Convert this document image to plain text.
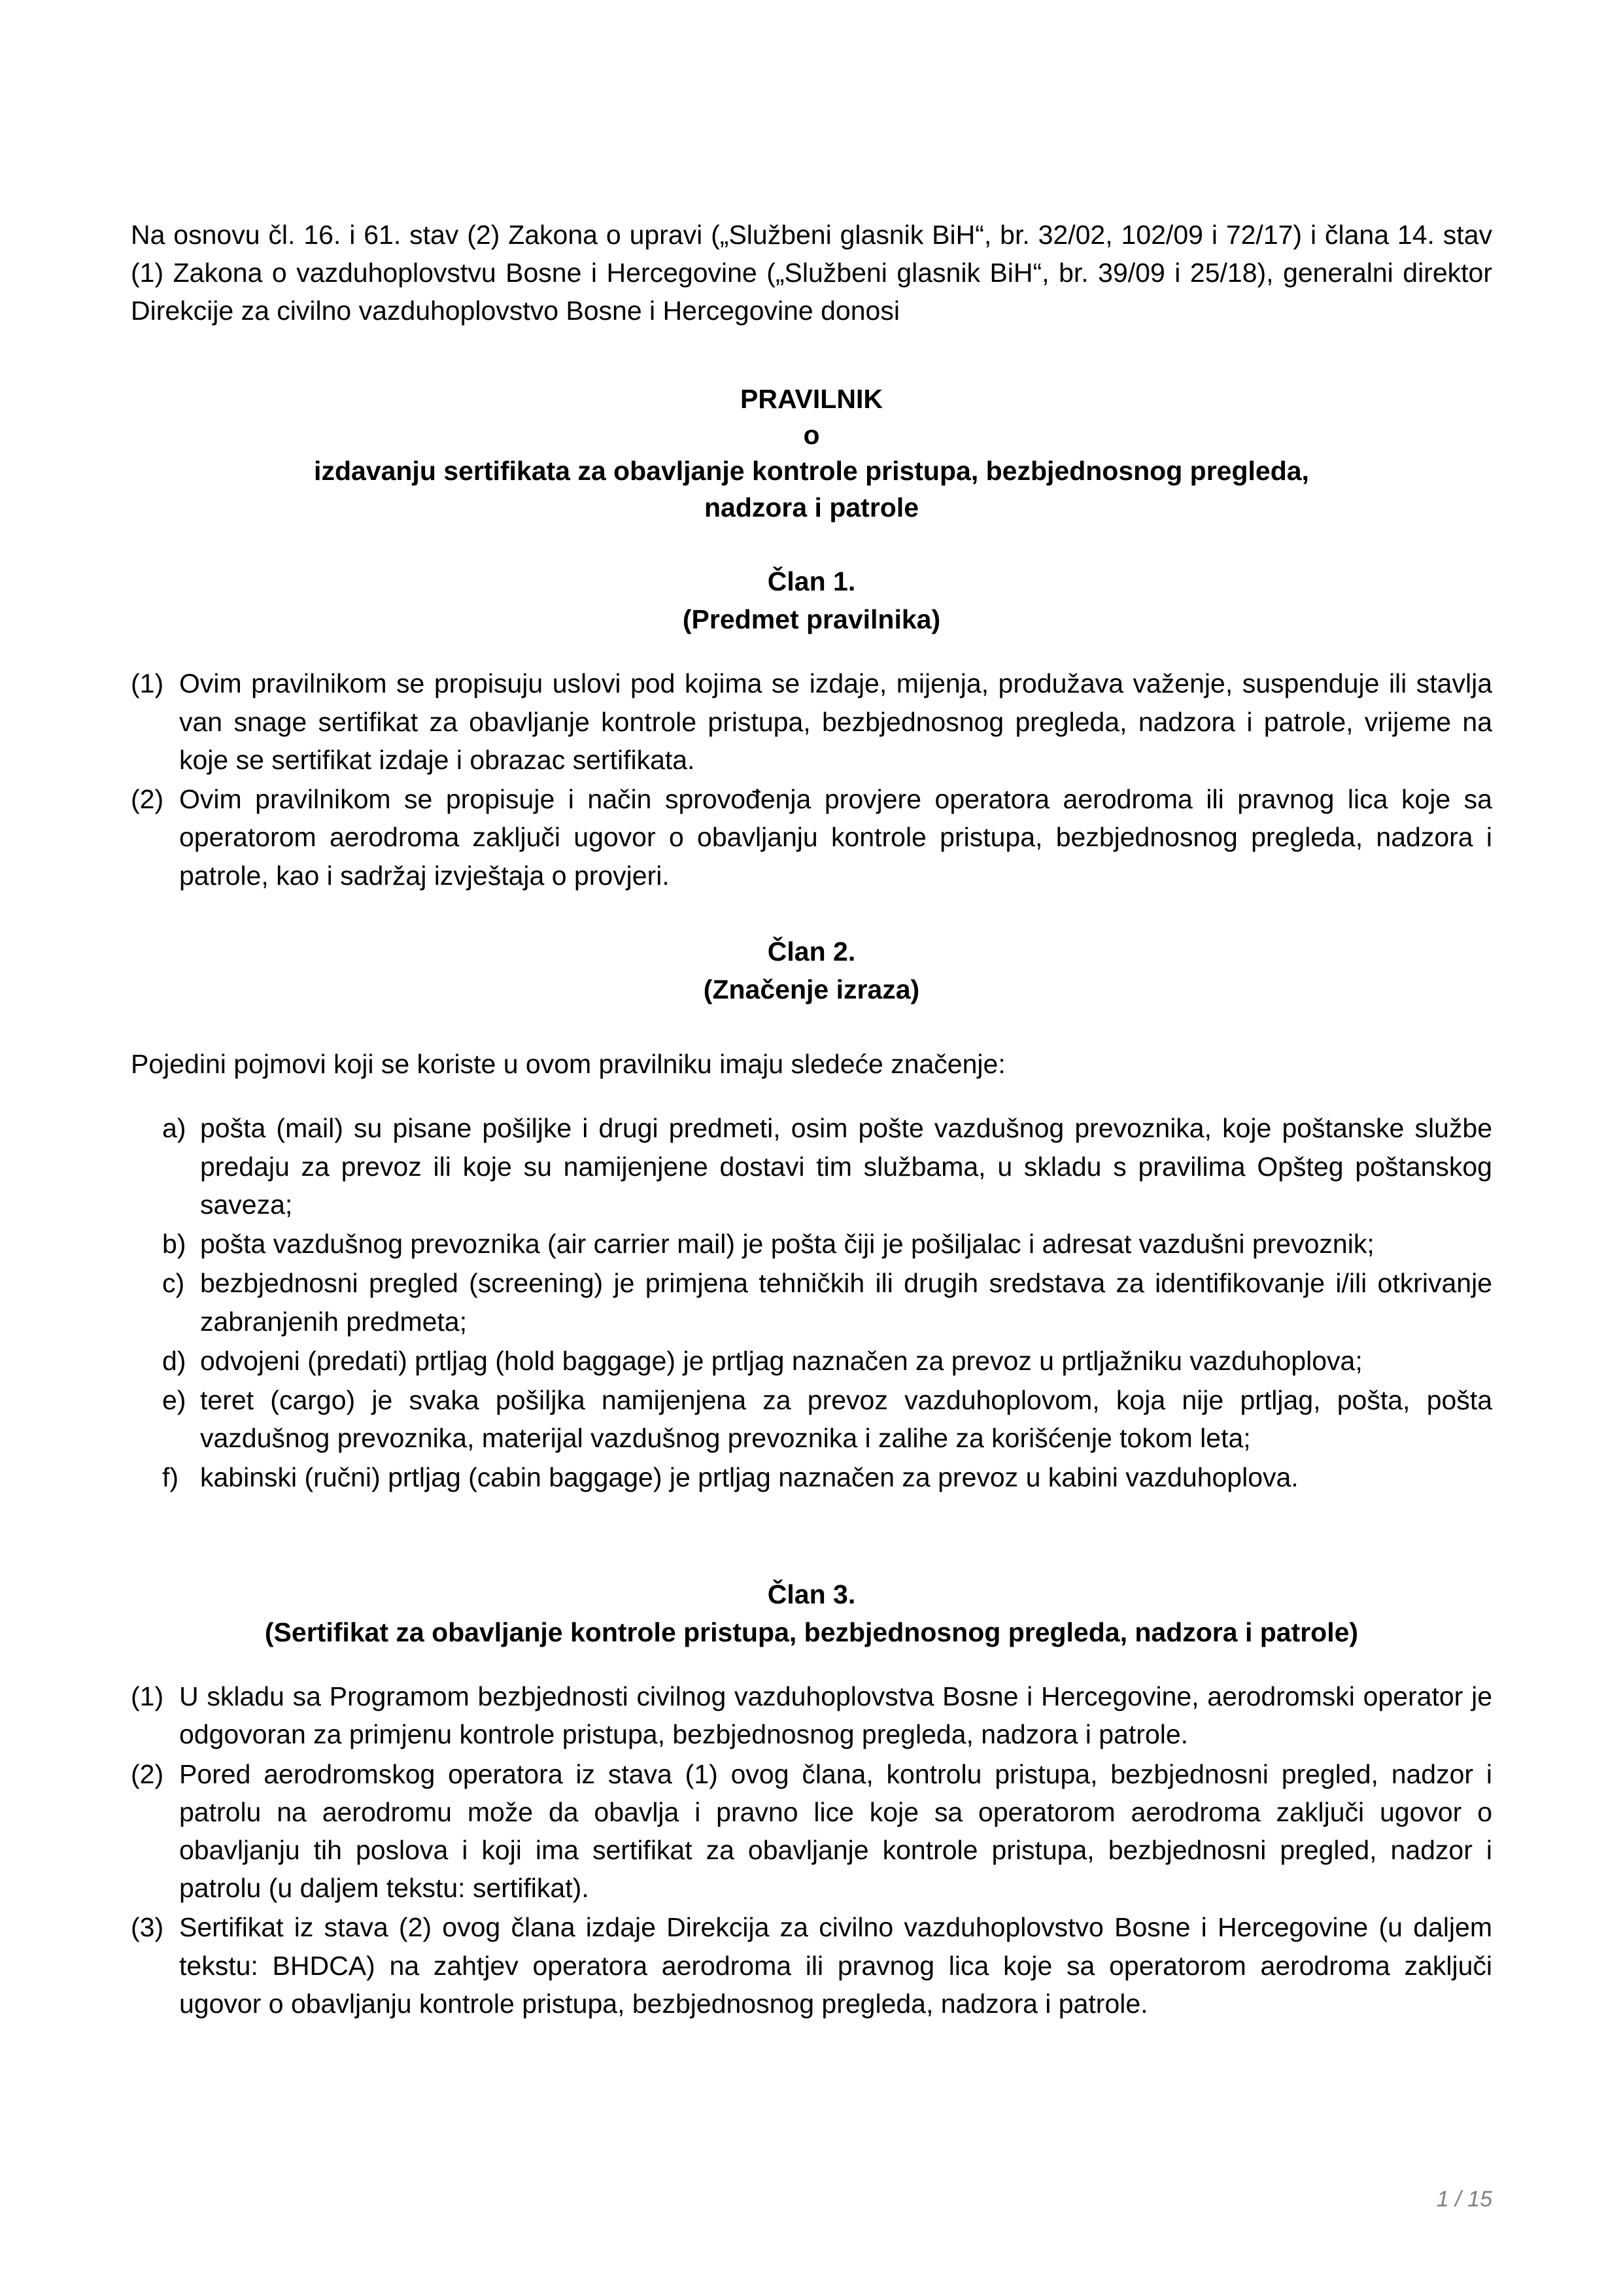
Na osnovu čl. 16. i 61. stav (2) Zakona o upravi („Službeni glasnik BiH“, br. 32/02, 102/09 i 72/17) i člana 14. stav (1) Zakona o vazduhoplovstvu Bosne i Hercegovine („Službeni glasnik BiH“, br. 39/09 i 25/18), generalni direktor Direkcije za civilno vazduhoplovstvo Bosne i Hercegovine donosi

PRAVILNIK

o

izdavanju sertifikata za obavljanje kontrole pristupa, bezbjednosnog pregleda,

nadzora i patrole

Član 1.

(Predmet pravilnika)

(1) Ovim pravilnikom se propisuju uslovi pod kojima se izdaje, mijenja, produžava važenje, suspenduje ili stavlja van snage sertifikat za obavljanje kontrole pristupa, bezbjednosnog pregleda, nadzora i patrole, vrijeme na koje se sertifikat izdaje i obrazac sertifikata.
(2) Ovim pravilnikom se propisuje i način sprovođenja provjere operatora aerodroma ili pravnog lica koje sa operatorom aerodroma zaključi ugovor o obavljanju kontrole pristupa, bezbjednosnog pregleda, nadzora i patrole, kao i sadržaj izvještaja o provjeri.

Član 2.

(Značenje izraza)

Pojedini pojmovi koji se koriste u ovom pravilniku imaju sledeće značenje:

a) pošta (mail) su pisane pošiljke i drugi predmeti, osim pošte vazdušnog prevoznika, koje poštanske službe predaju za prevoz ili koje su namijenjene dostavi tim službama, u skladu s pravilima Opšteg poštanskog saveza;
b) pošta vazdušnog prevoznika (air carrier mail) je pošta čiji je pošiljalac i adresat vazdušni prevoznik;
c) bezbjednosni pregled (screening) je primjena tehničkih ili drugih sredstava za identifikovanje i/ili otkrivanje zabranjenih predmeta;
d) odvojeni (predati) prtljag (hold baggage) je prtljag naznačen za prevoz u prtljažniku vazduhoplova;
e) teret (cargo) je svaka pošiljka namijenjena za prevoz vazduhoplovom, koja nije prtljag, pošta, pošta vazdušnog prevoznika, materijal vazdušnog prevoznika i zalihe za korišćenje tokom leta;
f) kabinski (ručni) prtljag (cabin baggage) je prtljag naznačen za prevoz u kabini vazduhoplova.

Član 3.

(Sertifikat za obavljanje kontrole pristupa, bezbjednosnog pregleda, nadzora i patrole)

(1) U skladu sa Programom bezbjednosti civilnog vazduhoplovstva Bosne i Hercegovine, aerodromski operator je odgovoran za primjenu kontrole pristupa, bezbjednosnog pregleda, nadzora i patrole.
(2) Pored aerodromskog operatora iz stava (1) ovog člana, kontrolu pristupa, bezbjednosni pregled, nadzor i patrolu na aerodromu može da obavlja i pravno lice koje sa operatorom aerodroma zaključi ugovor o obavljanju tih poslova i koji ima sertifikat za obavljanje kontrole pristupa, bezbjednosni pregled, nadzor i patrolu (u daljem tekstu: sertifikat).
(3) Sertifikat iz stava (2) ovog člana izdaje Direkcija za civilno vazduhoplovstvo Bosne i Hercegovine (u daljem tekstu: BHDCA) na zahtjev operatora aerodroma ili pravnog lica koje sa operatorom aerodroma zaključi ugovor o obavljanju kontrole pristupa, bezbjednosnog pregleda, nadzora i patrole.
1 / 15
